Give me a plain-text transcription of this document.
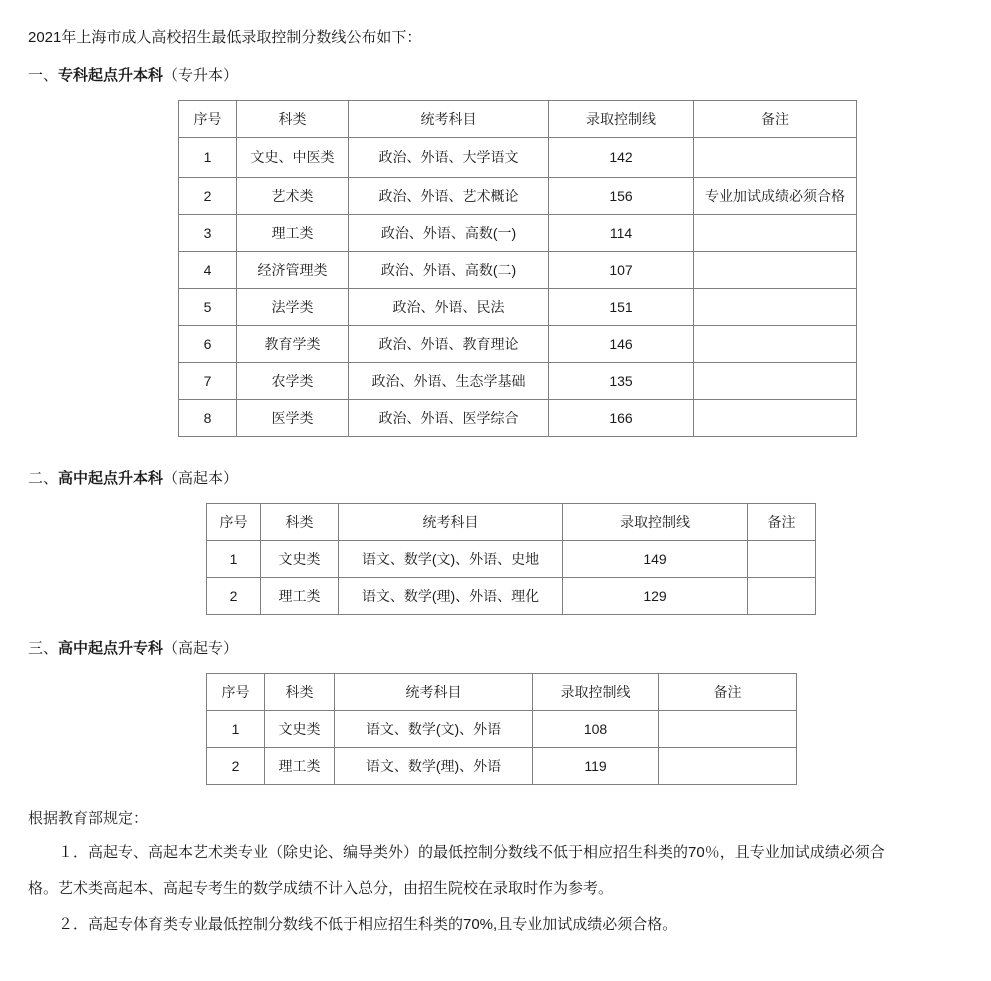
2021年上海市成人高校招生最低录取控制分数线公布如下：

一、专科起点升本科（专升本）

序号	科类	统考科目	录取控制线	备注
1	文史、中医类	政治、外语、大学语文	142	
2	艺术类	政治、外语、艺术概论	156	专业加试成绩必须合格
3	理工类	政治、外语、高数(一)	114	
4	经济管理类	政治、外语、高数(二)	107	
5	法学类	政治、外语、民法	151	
6	教育学类	政治、外语、教育理论	146	
7	农学类	政治、外语、生态学基础	135	
8	医学类	政治、外语、医学综合	166	

二、高中起点升本科（高起本）

序号	科类	统考科目	录取控制线	备注
1	文史类	语文、数学(文)、外语、史地	149	
2	理工类	语文、数学(理)、外语、理化	129	

三、高中起点升专科（高起专）

序号	科类	统考科目	录取控制线	备注
1	文史类	语文、数学(文)、外语	108	
2	理工类	语文、数学(理)、外语	119	

根据教育部规定：

１．高起专、高起本艺术类专业（除史论、编导类外）的最低控制分数线不低于相应招生科类的70％，且专业加试成绩必须合

格。艺术类高起本、高起专考生的数学成绩不计入总分，由招生院校在录取时作为参考。

２．高起专体育类专业最低控制分数线不低于相应招生科类的70%,且专业加试成绩必须合格。
